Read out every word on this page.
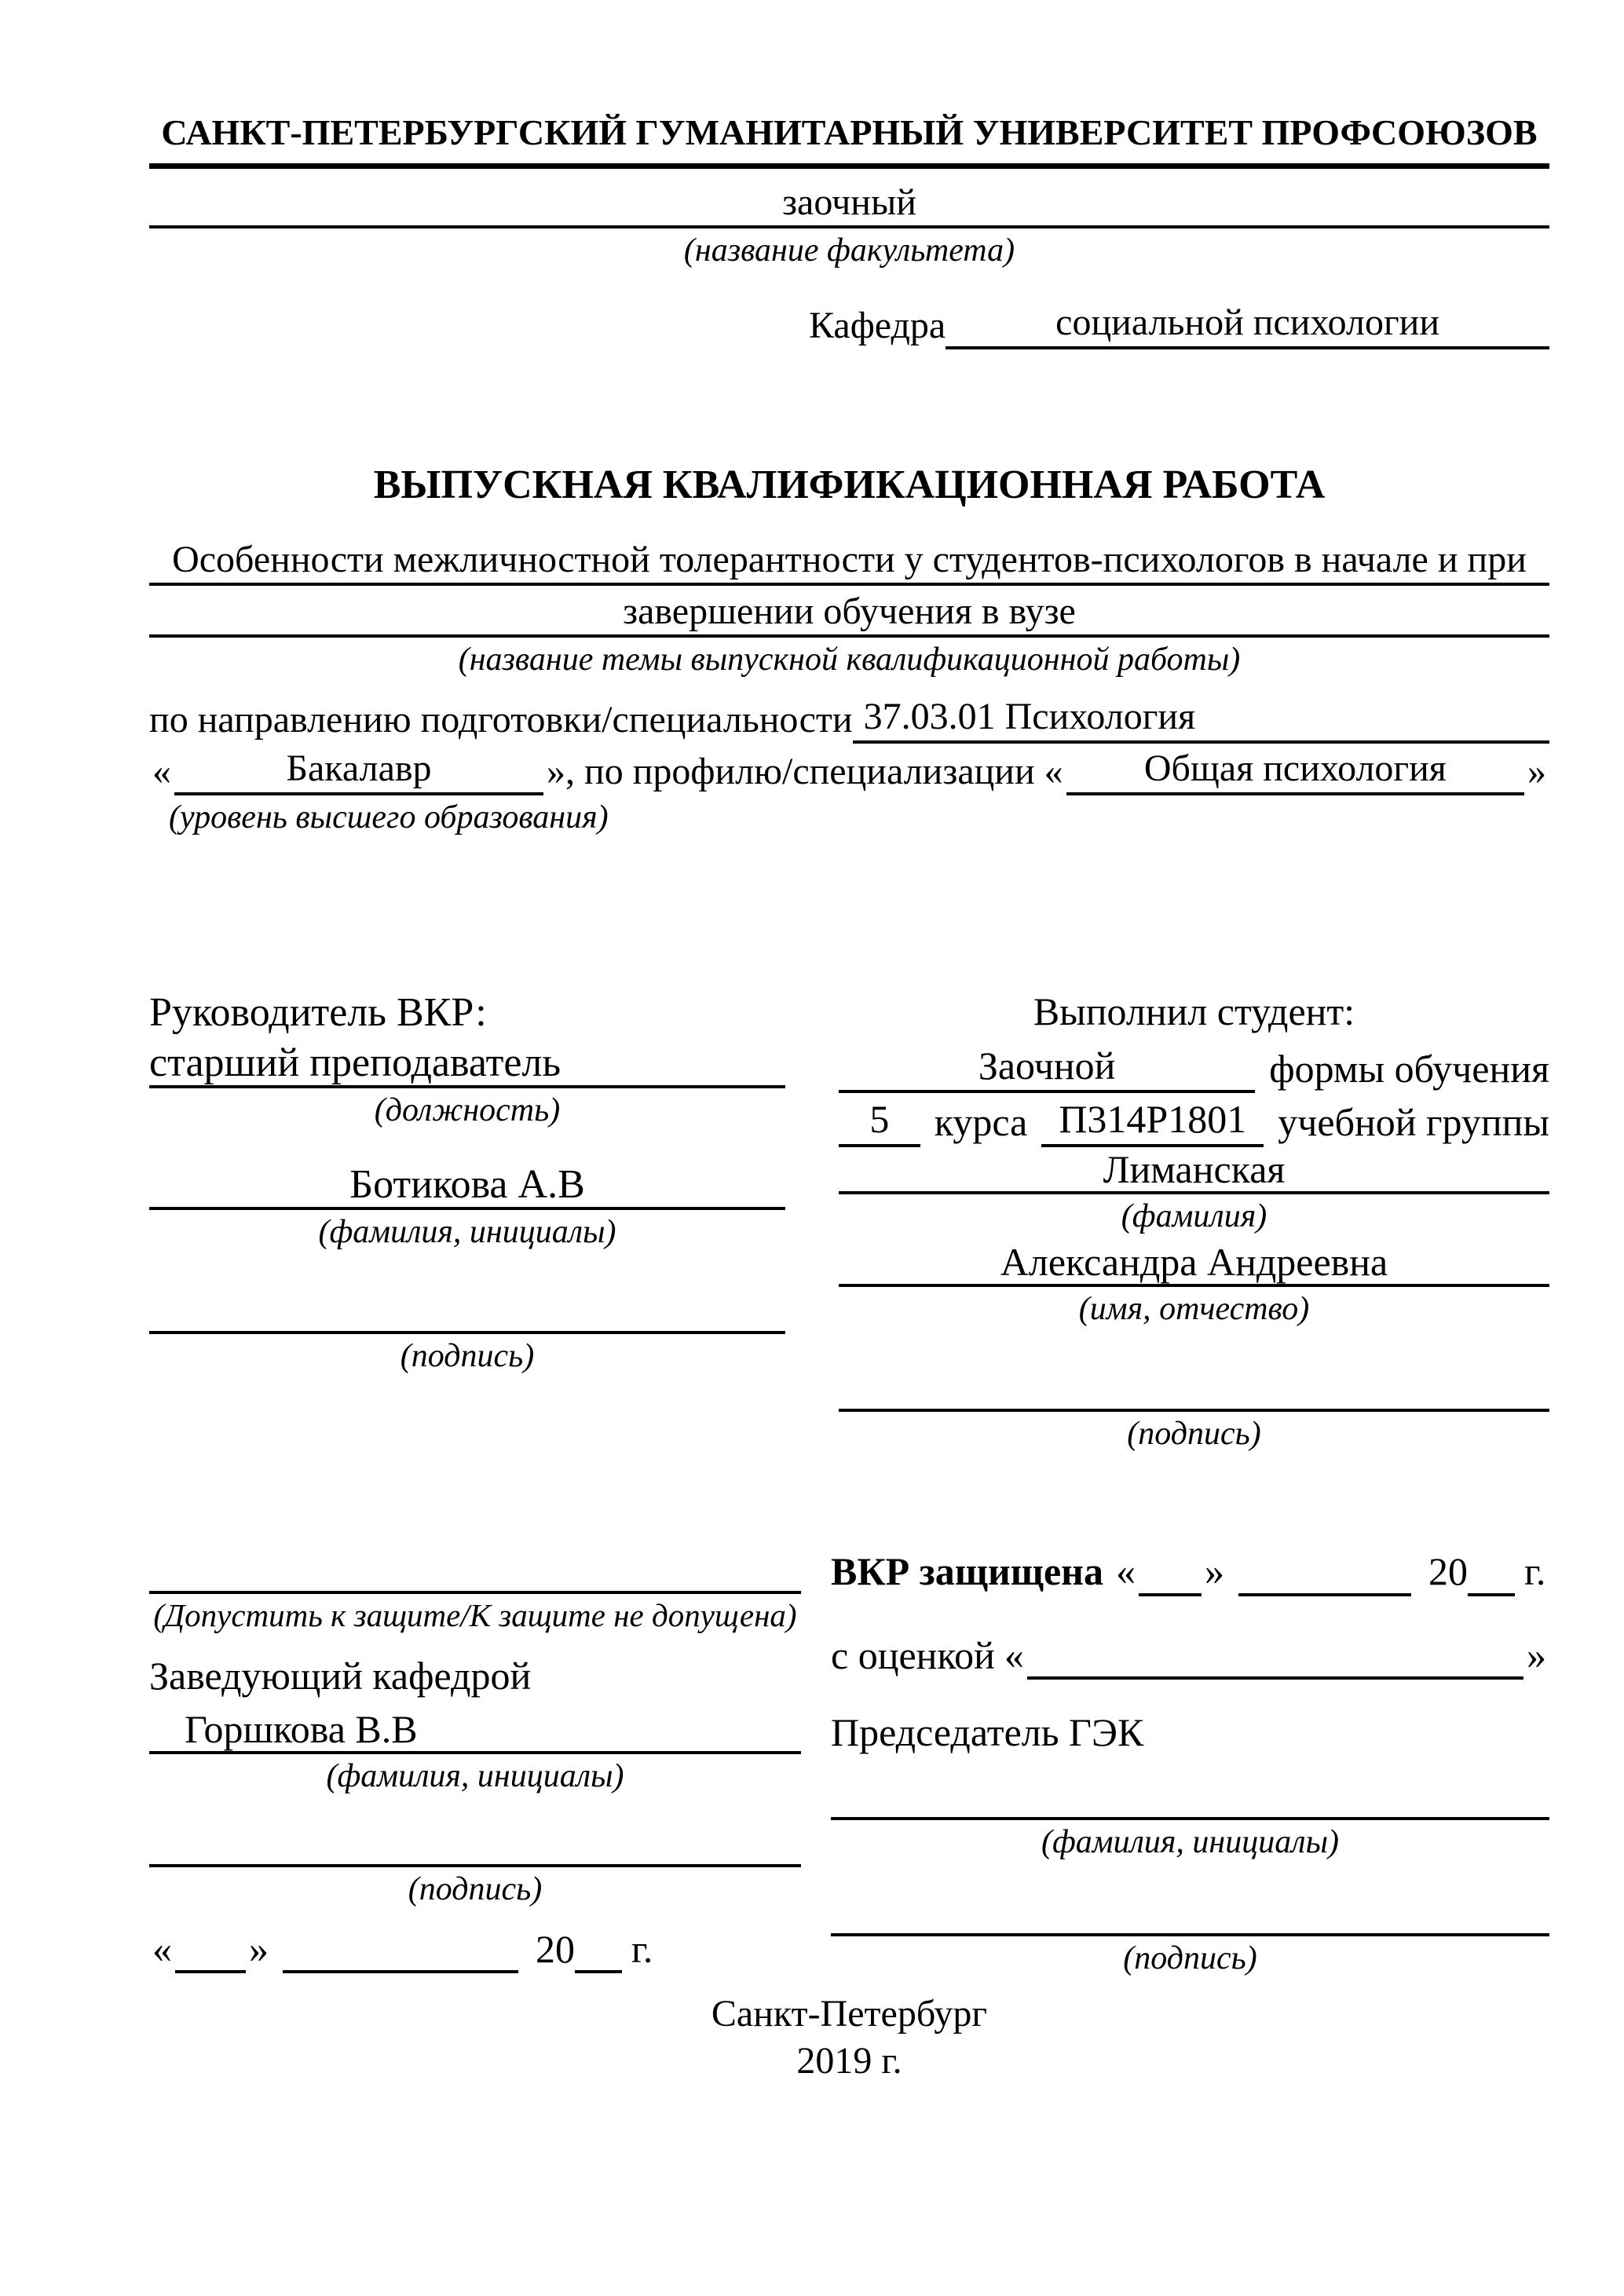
САНКТ-ПЕТЕРБУРГСКИЙ ГУМАНИТАРНЫЙ УНИВЕРСИТЕТ ПРОФСОЮЗОВ
заочный
(название факультета)
Кафедра	социальной психологии
ВЫПУСКНАЯ КВАЛИФИКАЦИОННАЯ РАБОТА
Особенности межличностной толерантности у студентов-психологов в начале и при
завершении обучения в вузе
(название темы выпускной квалификационной работы)
по направлению подготовки/специальности 37.03.01 Психология
«	Бакалавр	», по профилю/специализации «	Общая психология	»
(уровень высшего образования)
Руководитель ВКР:
старший преподаватель
(должность)
Ботикова А.В
(фамилия, инициалы)
(подпись)
Выполнил студент:
Заочной	формы обучения
5	курса П314Р1801 учебной группы
Лиманская
(фамилия)
Александра Андреевна
(имя, отчество)
(подпись)
(Допустить к защите/К защите не допущена)
Заведующий кафедрой
Горшкова В.В
(фамилия, инициалы)
(подпись)
« »	20 г.
ВКР защищена « »	20 г.
с оценкой «	»
Председатель ГЭК
(фамилия, инициалы)
(подпись)
Санкт-Петербург
2019 г.
